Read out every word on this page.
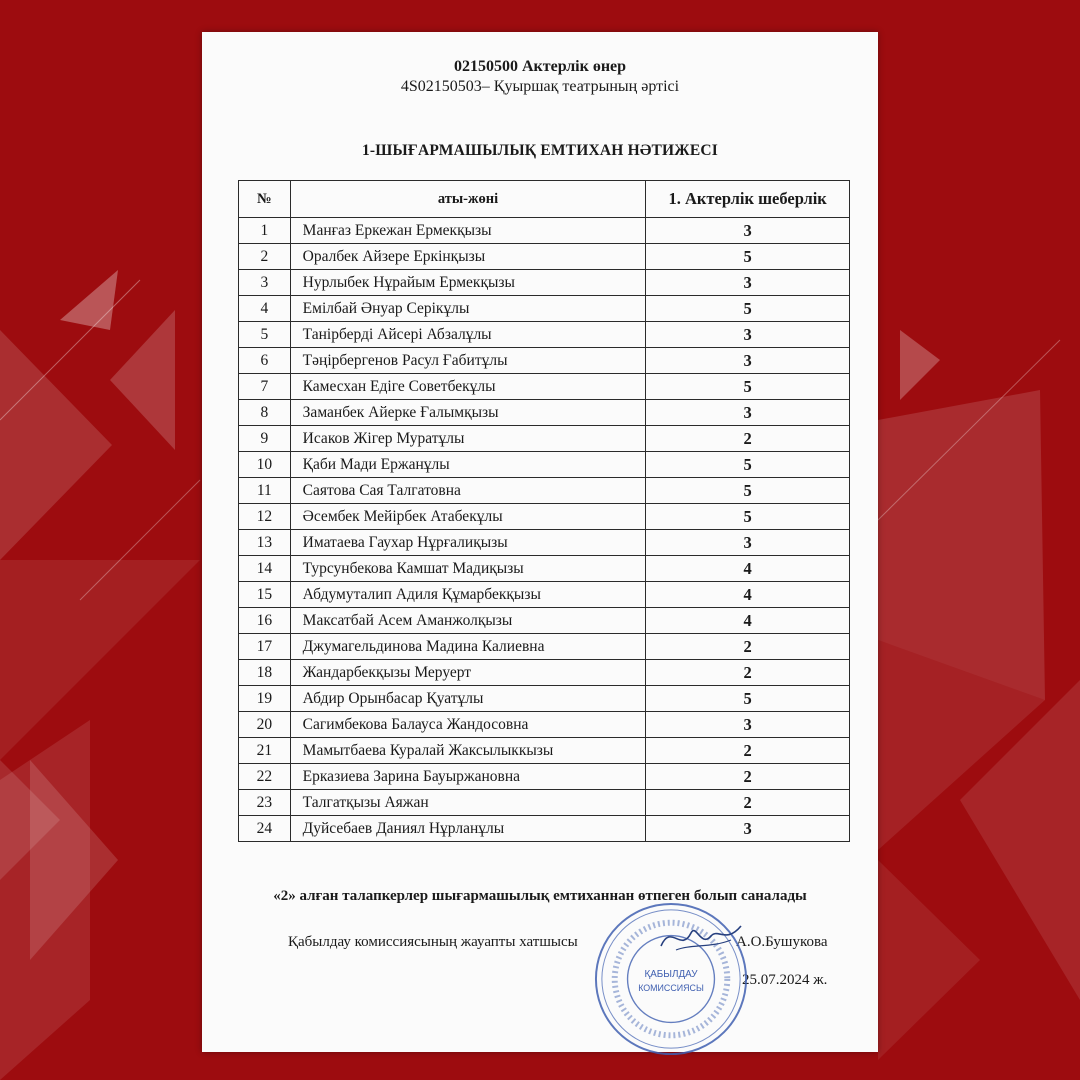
02150500 Актерлік өнер
4S02150503– Қуыршақ театрының әртісі
1-ШЫҒАРМАШЫЛЫҚ ЕМТИХАН НӘТИЖЕСІ
№	аты-жөні	1. Актерлік шеберлік
1	Манғаз Еркежан Ермекқызы	3
2	Оралбек Айзере Еркінқызы	5
3	Нурлыбек Нұрайым Ермекқызы	3
4	Емілбай Әнуар Серікұлы	5
5	Танірберді Айсері Абзалұлы	3
6	Тәңірбергенов Расул Ғабитұлы	3
7	Камесхан Едіге Советбекұлы	5
8	Заманбек Айерке Ғалымқызы	3
9	Исаков Жігер Муратұлы	2
10	Қаби Мади Ержанұлы	5
11	Саятова Сая Талгатовна	5
12	Әсембек Мейірбек Атабекұлы	5
13	Иматаева Гаухар Нұрғалиқызы	3
14	Турсунбекова Камшат Мадиқызы	4
15	Абдумуталип Адиля Құмарбекқызы	4
16	Максатбай Асем Аманжолқызы	4
17	Джумагельдинова Мадина Калиевна	2
18	Жандарбекқызы Меруерт	2
19	Абдир Орынбасар Қуатұлы	5
20	Сагимбекова Балауса Жандосовна	3
21	Мамытбаева Куралай Жаксылыккызы	2
22	Ерказиева Зарина Бауыржановна	2
23	Талгатқызы Аяжан	2
24	Дуйсебаев Даниял Нұрланұлы	3
«2» алған талапкерлер шығармашылық емтиханнан өтпеген болып саналады
Қабылдау комиссиясының жауапты хатшысы	А.О.Бушукова
25.07.2024 ж.
ҚАБЫЛДАУ
КОМИССИЯСЫ
